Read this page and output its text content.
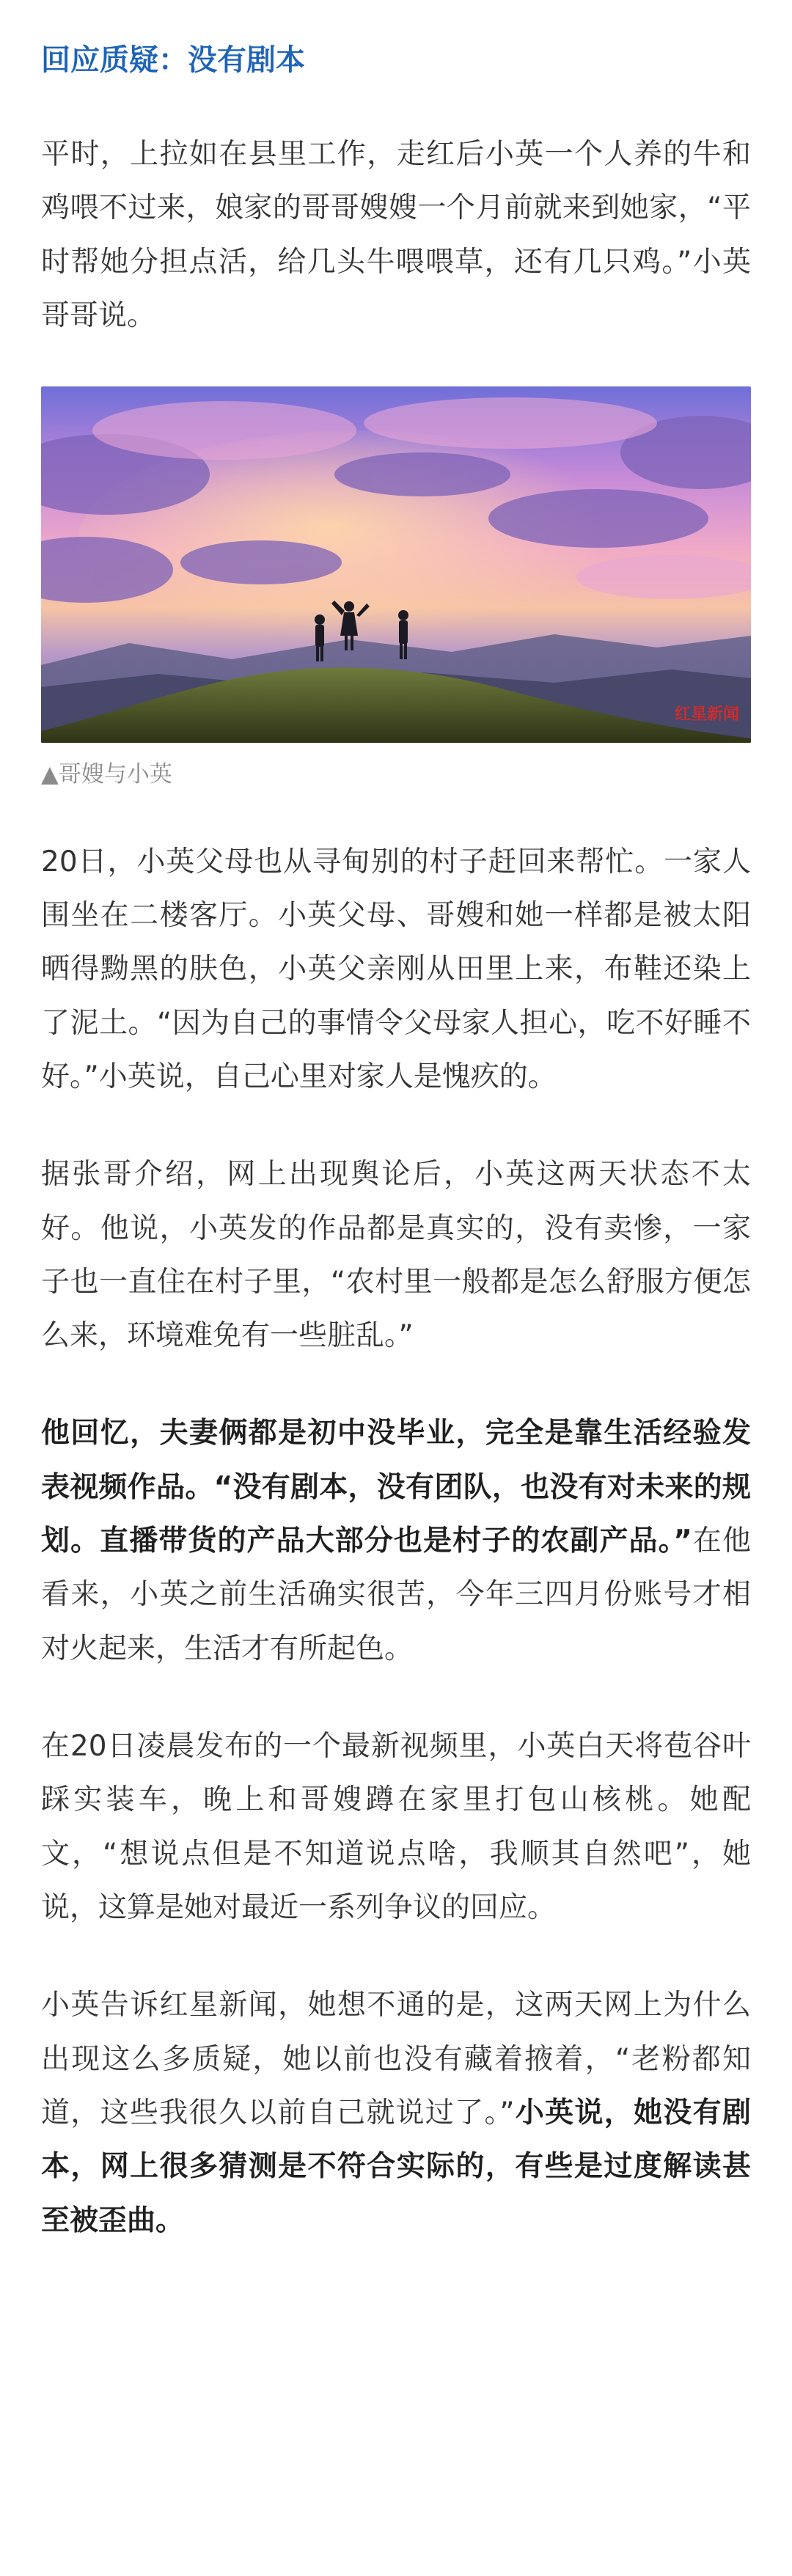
回应质疑：没有剧本

平时，上拉如在县里工作，走红后小英一个人养的牛和鸡喂不过来，娘家的哥哥嫂嫂一个月前就来到她家，“平时帮她分担点活，给几头牛喂喂草，还有几只鸡。”小英哥哥说。

红星新闻
▲哥嫂与小英

20日，小英父母也从寻甸别的村子赶回来帮忙。一家人围坐在二楼客厅。小英父母、哥嫂和她一样都是被太阳晒得黝黑的肤色，小英父亲刚从田里上来，布鞋还染上了泥土。“因为自己的事情令父母家人担心，吃不好睡不好。”小英说，自己心里对家人是愧疚的。

据张哥介绍，网上出现舆论后，小英这两天状态不太好。他说，小英发的作品都是真实的，没有卖惨，一家子也一直住在村子里，“农村里一般都是怎么舒服方便怎么来，环境难免有一些脏乱。”

他回忆，夫妻俩都是初中没毕业，完全是靠生活经验发表视频作品。“没有剧本，没有团队，也没有对未来的规划。直播带货的产品大部分也是村子的农副产品。”在他看来，小英之前生活确实很苦，今年三四月份账号才相对火起来，生活才有所起色。

在20日凌晨发布的一个最新视频里，小英白天将苞谷叶踩实装车，晚上和哥嫂蹲在家里打包山核桃。她配文，“想说点但是不知道说点啥，我顺其自然吧”，她说，这算是她对最近一系列争议的回应。

小英告诉红星新闻，她想不通的是，这两天网上为什么出现这么多质疑，她以前也没有藏着掖着，“老粉都知道，这些我很久以前自己就说过了。”小英说，她没有剧本，网上很多猜测是不符合实际的，有些是过度解读甚至被歪曲。
